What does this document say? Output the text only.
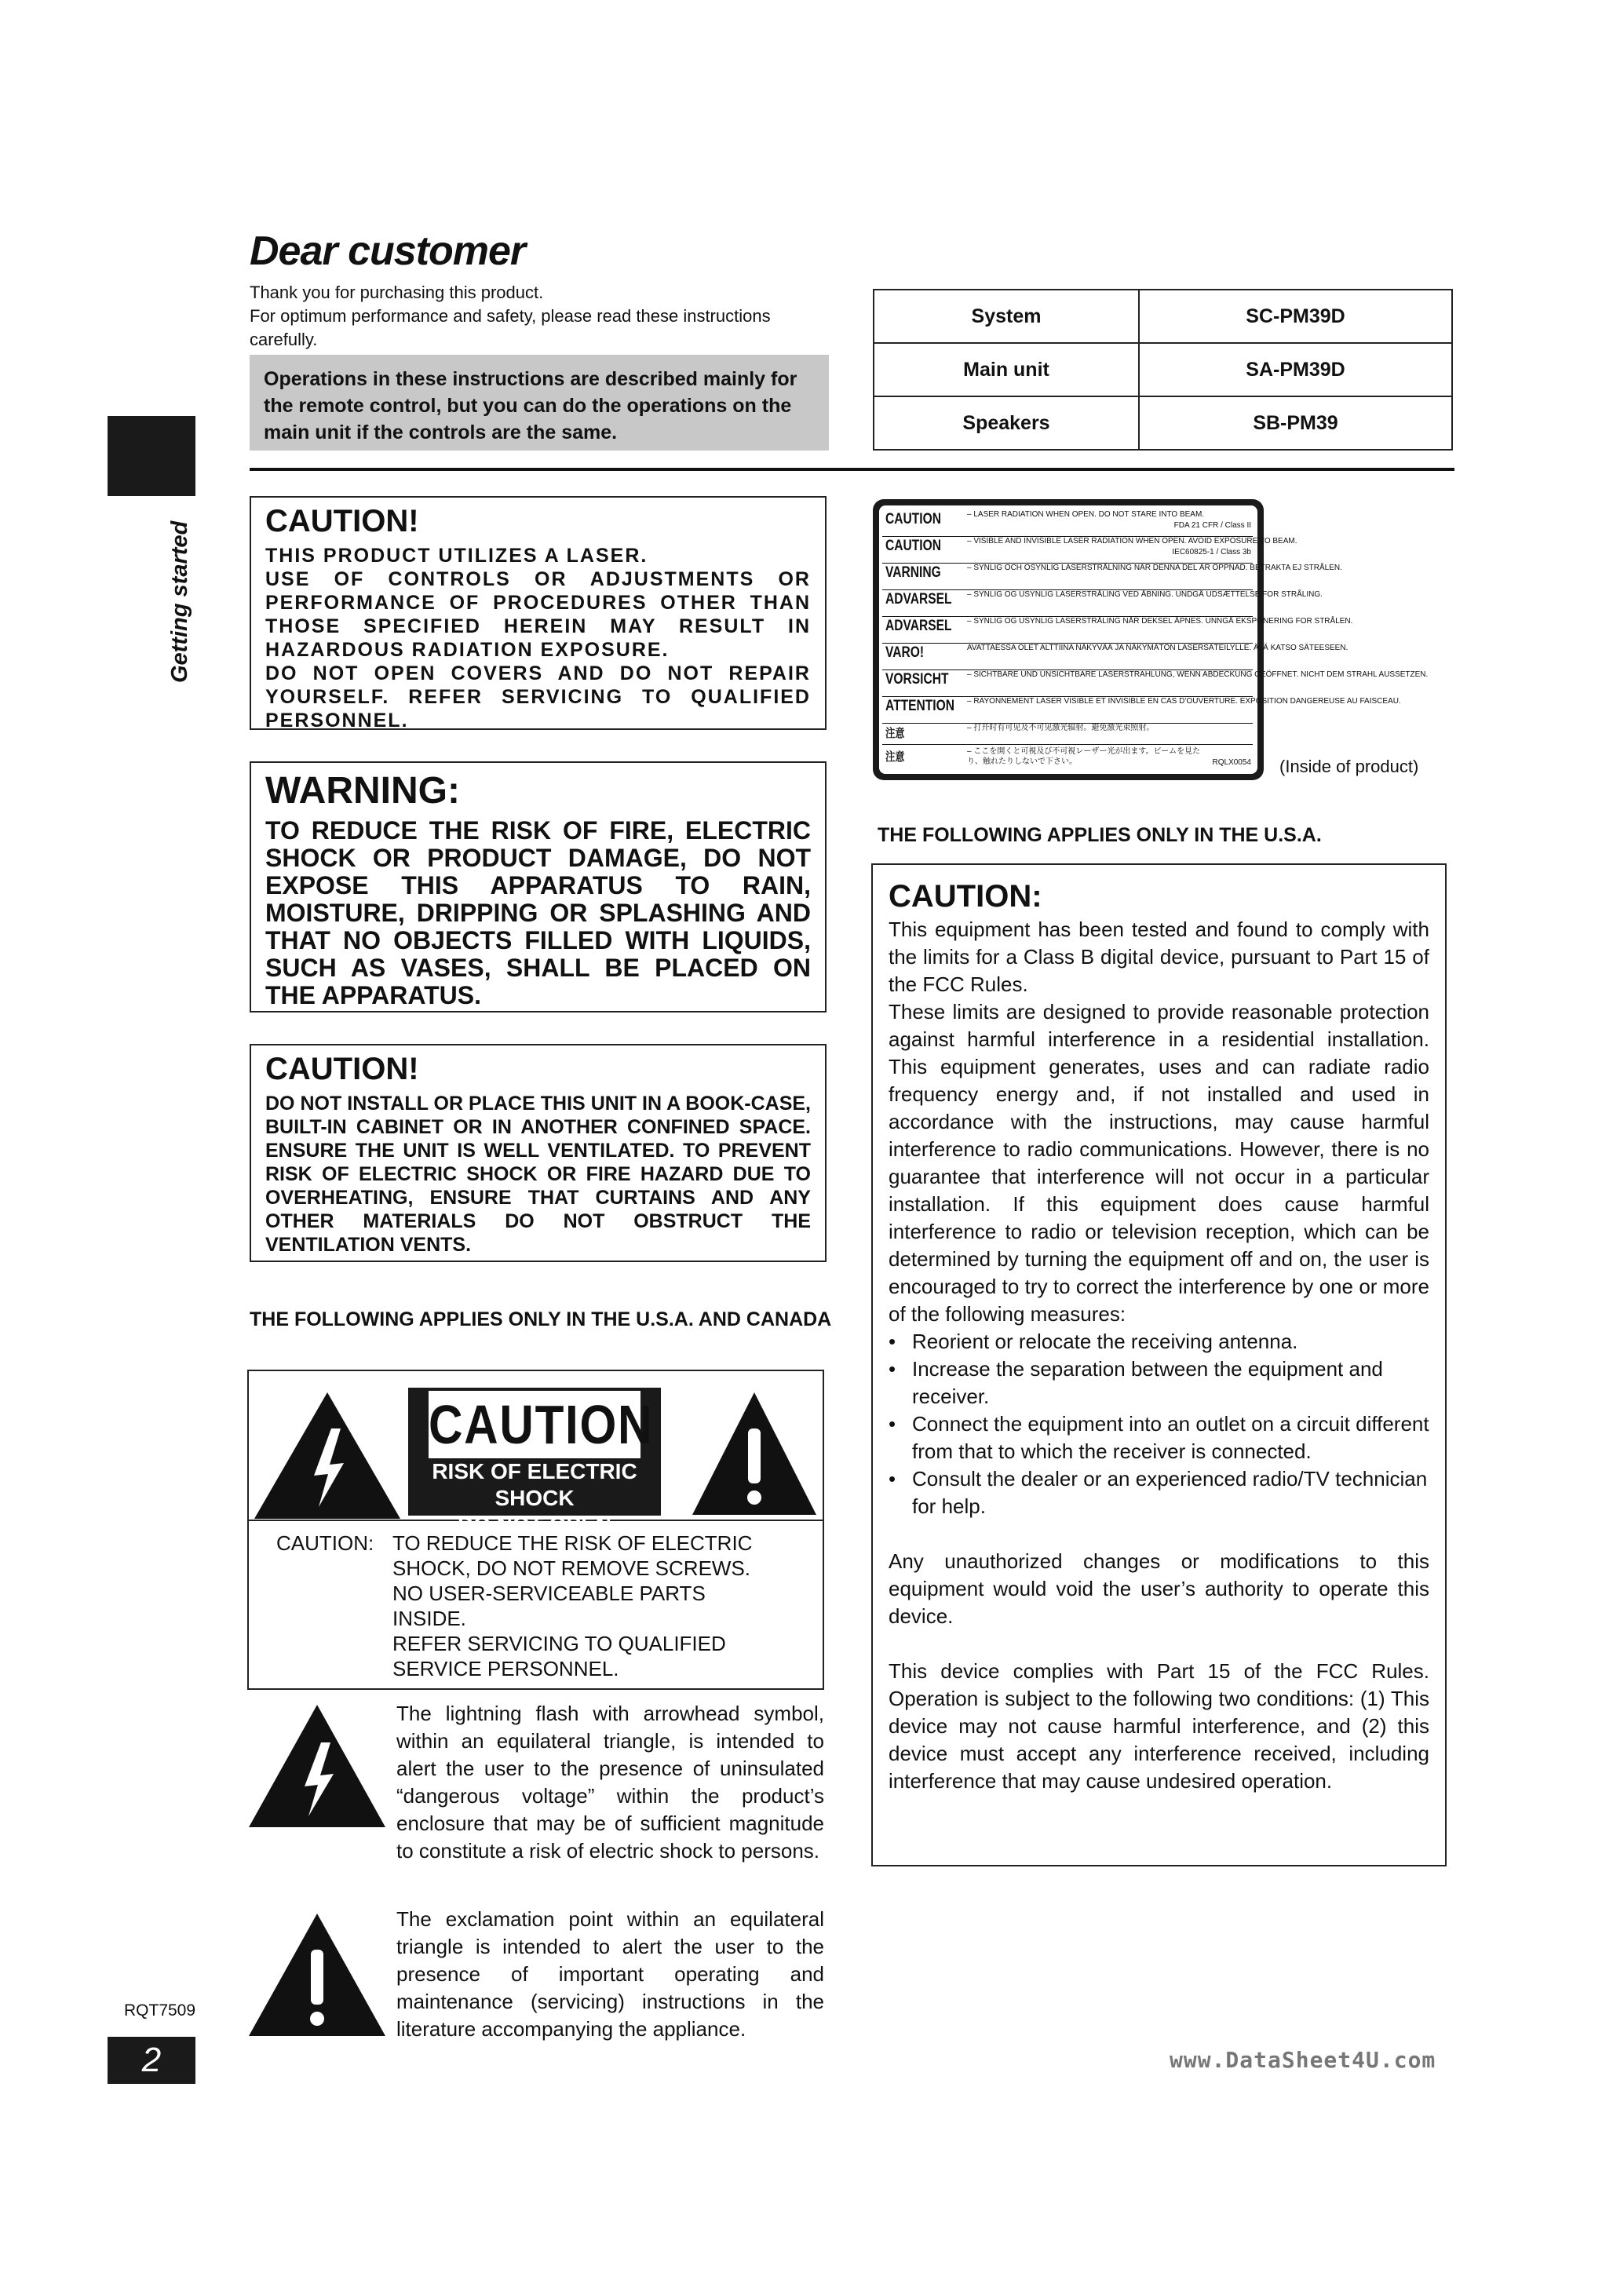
Getting started
Dear customer
Thank you for purchasing this product.
For optimum performance and safety, please read these instructions carefully.
Operations in these instructions are described mainly for the remote control, but you can do the operations on the main unit if the controls are the same.
System	SC-PM39D
Main unit	SA-PM39D
Speakers	SB-PM39
CAUTION!
THIS PRODUCT UTILIZES A LASER.
USE OF CONTROLS OR ADJUSTMENTS OR PERFORMANCE OF PROCEDURES OTHER THAN THOSE SPECIFIED HEREIN MAY RESULT IN HAZARDOUS RADIATION EXPOSURE.
DO NOT OPEN COVERS AND DO NOT REPAIR YOURSELF. REFER SERVICING TO QUALIFIED PERSONNEL.
WARNING:
TO REDUCE THE RISK OF FIRE, ELECTRIC SHOCK OR PRODUCT DAMAGE, DO NOT EXPOSE THIS APPARATUS TO RAIN, MOISTURE, DRIPPING OR SPLASHING AND THAT NO OBJECTS FILLED WITH LIQUIDS, SUCH AS VASES, SHALL BE PLACED ON THE APPARATUS.
CAUTION!
DO NOT INSTALL OR PLACE THIS UNIT IN A BOOK-CASE, BUILT-IN CABINET OR IN ANOTHER CONFINED SPACE. ENSURE THE UNIT IS WELL VENTILATED. TO PREVENT RISK OF ELECTRIC SHOCK OR FIRE HAZARD DUE TO OVERHEATING, ENSURE THAT CURTAINS AND ANY OTHER MATERIALS DO NOT OBSTRUCT THE VENTILATION VENTS.
THE FOLLOWING APPLIES ONLY IN THE U.S.A. AND CANADA
CAUTION
RISK OF ELECTRIC SHOCK
DO NOT OPEN
CAUTION: TO REDUCE THE RISK OF ELECTRIC
SHOCK, DO NOT REMOVE SCREWS.
NO USER-SERVICEABLE PARTS
INSIDE.
REFER SERVICING TO QUALIFIED
SERVICE PERSONNEL.
The lightning flash with arrowhead symbol, within an equilateral triangle, is intended to alert the user to the presence of uninsulated “dangerous voltage” within the product’s enclosure that may be of sufficient magnitude to constitute a risk of electric shock to persons.
The exclamation point within an equilateral triangle is intended to alert the user to the presence of important operating and maintenance (servicing) instructions in the literature accompanying the appliance.
RQT7509
2
CAUTION	– LASER RADIATION WHEN OPEN. DO NOT STARE INTO BEAM.
FDA 21 CFR / Class II
CAUTION	– VISIBLE AND INVISIBLE LASER RADIATION WHEN OPEN. AVOID EXPOSURE TO BEAM.
IEC60825-1 / Class 3b
VARNING	– SYNLIG OCH OSYNLIG LASERSTRÅLNING NÄR DENNA DEL ÄR ÖPPNAD. BETRAKTA EJ STRÅLEN.
ADVARSEL – SYNLIG OG USYNLIG LASERSTRÅLING VED ÅBNING. UNDGÅ UDSÆTTELSE FOR STRÅLING.
ADVARSEL – SYNLIG OG USYNLIG LASERSTRÅLING NÅR DEKSEL ÅPNES. UNNGÅ EKSPONERING FOR STRÅLEN.
VARO!	AVATTAESSA OLET ALTTIINA NÄKYVÄÄ JA NÄKYMÄTÖN LASERSÄTEILYLLE. ÄLÄ KATSO SÄTEESEEN.
VORSICHT – SICHTBARE UND UNSICHTBARE LASERSTRAHLUNG, WENN ABDECKUNG GEÖFFNET. NICHT DEM STRAHL AUSSETZEN.
ATTENTION – RAYONNEMENT LASER VISIBLE ET INVISIBLE EN CAS D’OUVERTURE. EXPOSITION DANGEREUSE AU FAISCEAU.
注意	– 打开时有可见及不可见激光辐射。避免激光束照射。
注意	– ここを開くと可視及び不可視レーザー光が出ます。ビームを見たり、触れたりしないで下さい。	RQLX0054 (Inside of product)
THE FOLLOWING APPLIES ONLY IN THE U.S.A.
CAUTION:
This equipment has been tested and found to comply with the limits for a Class B digital device, pursuant to Part 15 of the FCC Rules.
These limits are designed to provide reasonable protection against harmful interference in a residential installation. This equipment generates, uses and can radiate radio frequency energy and, if not installed and used in accordance with the instructions, may cause harmful interference to radio communications. However, there is no guarantee that interference will not occur in a particular installation. If this equipment does cause harmful interference to radio or television reception, which can be determined by turning the equipment off and on, the user is encouraged to try to correct the interference by one or more of the following measures:
• Reorient or relocate the receiving antenna.
• Increase the separation between the equipment and receiver.
• Connect the equipment into an outlet on a circuit different from that to which the receiver is connected.
• Consult the dealer or an experienced radio/TV technician for help.
Any unauthorized changes or modifications to this equipment would void the user’s authority to operate this device.
This device complies with Part 15 of the FCC Rules. Operation is subject to the following two conditions: (1) This device may not cause harmful interference, and (2) this device must accept any interference received, including interference that may cause undesired operation.
www.DataSheet4U.com
